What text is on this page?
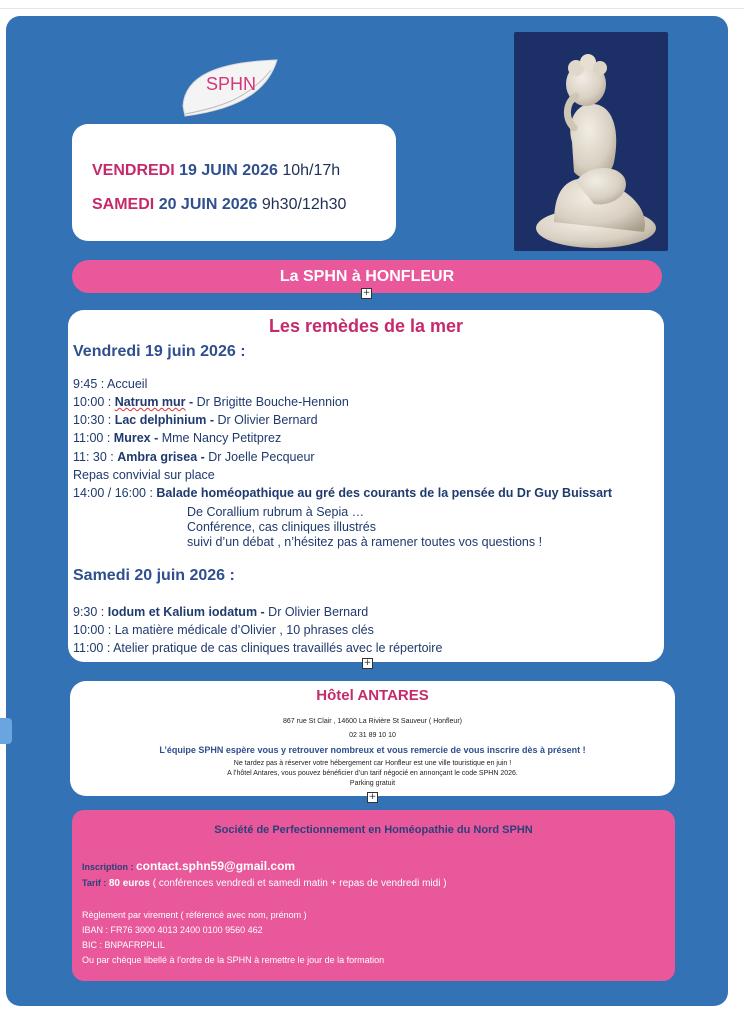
SPHN
VENDREDI 19 JUIN 2026 10h/17h
SAMEDI 20 JUIN 2026 9h30/12h30
La SPHN à HONFLEUR
+
Les remèdes de la mer
Vendredi 19 juin 2026 :
9:45 : Accueil
10:00 : Natrum mur - Dr Brigitte Bouche-Hennion
10:30 : Lac delphinium - Dr Olivier Bernard
11:00 : Murex - Mme Nancy Petitprez
11: 30 : Ambra grisea - Dr Joelle Pecqueur
Repas convivial sur place
14:00 / 16:00 : Balade homéopathique au gré des courants de la pensée du Dr Guy Buissart
De Corallium rubrum à Sepia …
Conférence, cas cliniques illustrés
suivi d’un débat , n’hésitez pas à ramener toutes vos questions !
Samedi 20 juin 2026 :
9:30 : Iodum et Kalium iodatum - Dr Olivier Bernard
10:00 : La matière médicale d’Olivier , 10 phrases clés
11:00 : Atelier pratique de cas cliniques travaillés avec le répertoire
+
Hôtel ANTARES
867 rue St Clair , 14600 La Rivière St Sauveur ( Honfleur)
02 31 89 10 10
L’équipe SPHN espère vous y retrouver nombreux et vous remercie de vous inscrire dès à présent !
Ne tardez pas à réserver votre hébergement car Honfleur est une ville touristique en juin !
A l’hôtel Antares, vous pouvez bénéficier d’un tarif négocié en annonçant le code SPHN 2026.
Parking gratuit
+
Société de Perfectionnement en Homéopathie du Nord SPHN
Inscription : contact.sphn59@gmail.com
Tarif : 80 euros ( conférences vendredi et samedi matin + repas de vendredi midi )
Règlement par virement ( référencé avec nom, prénom )
IBAN : FR76 3000 4013 2400 0100 9560 462
BIC : BNPAFRPPLIL
Ou par chèque libellé à l’ordre de la SPHN à remettre le jour de la formation
